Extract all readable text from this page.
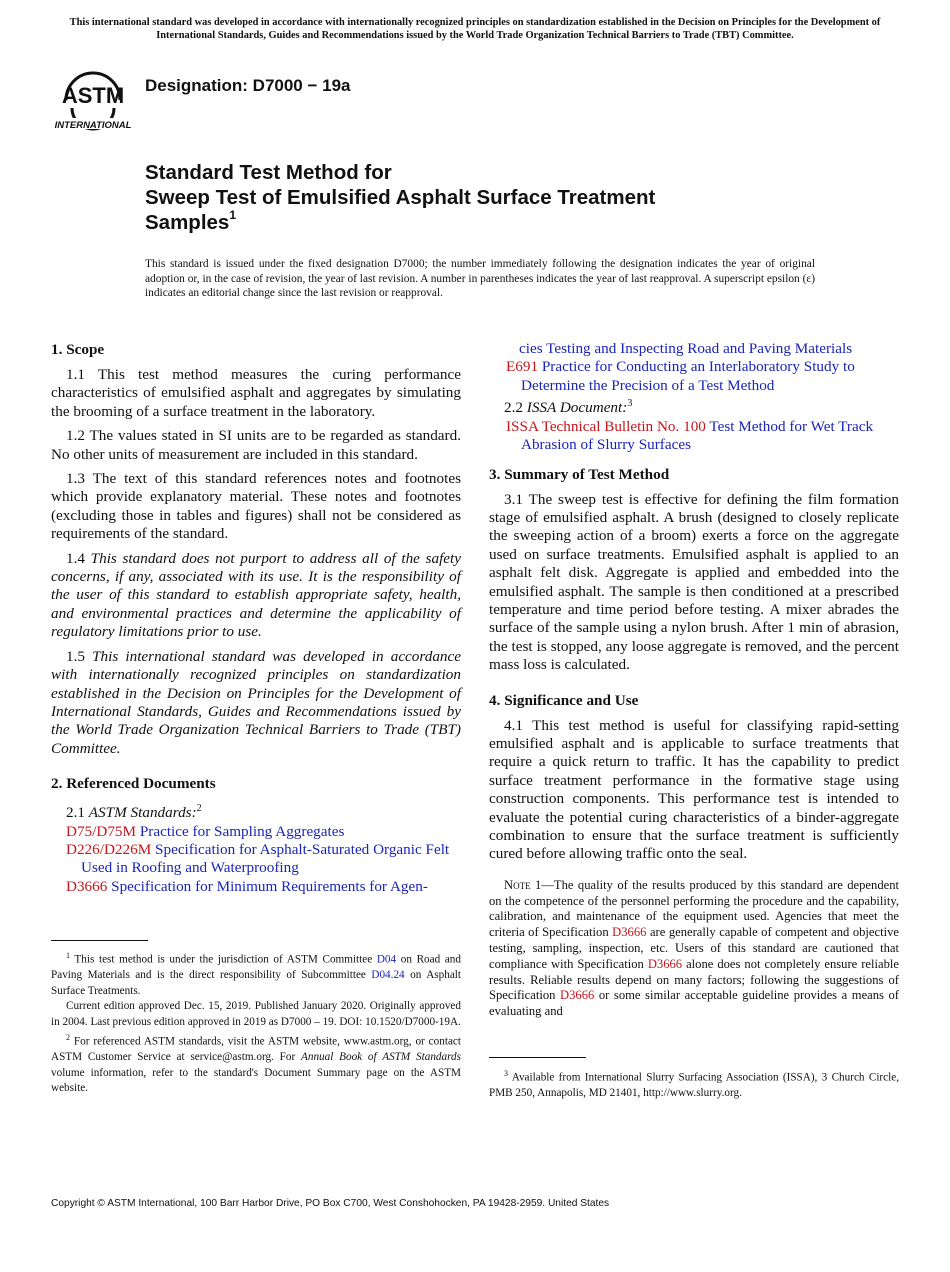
This international standard was developed in accordance with internationally recognized principles on standardization established in the Decision on Principles for the Development of International Standards, Guides and Recommendations issued by the World Trade Organization Technical Barriers to Trade (TBT) Committee.
ASTM
INTERNATIONAL
Designation: D7000 − 19a
Standard Test Method for
Sweep Test of Emulsified Asphalt Surface Treatment
Samples$^1$
This standard is issued under the fixed designation D7000; the number immediately following the designation indicates the year of original adoption or, in the case of revision, the year of last revision. A number in parentheses indicates the year of last reapproval. A superscript epsilon (ε) indicates an editorial change since the last revision or reapproval.
1. Scope

1.1 This test method measures the curing performance characteristics of emulsified asphalt and aggregates by simulating the brooming of a surface treatment in the laboratory.

1.2 The values stated in SI units are to be regarded as standard. No other units of measurement are included in this standard.

1.3 The text of this standard references notes and footnotes which provide explanatory material. These notes and footnotes (excluding those in tables and figures) shall not be considered as requirements of the standard.

1.4 This standard does not purport to address all of the safety concerns, if any, associated with its use. It is the responsibility of the user of this standard to establish appropriate safety, health, and environmental practices and determine the applicability of regulatory limitations prior to use.

1.5 This international standard was developed in accordance with internationally recognized principles on standardization established in the Decision on Principles for the Development of International Standards, Guides and Recommendations issued by the World Trade Organization Technical Barriers to Trade (TBT) Committee.

2. Referenced Documents

2.1 ASTM Standards:$^2$

D75/D75M Practice for Sampling Aggregates
D226/D226M Specification for Asphalt-Saturated Organic Felt Used in Roofing and Waterproofing
D3666 Specification for Minimum Requirements for Agen-

$^1$ This test method is under the jurisdiction of ASTM Committee D04 on Road and Paving Materials and is the direct responsibility of Subcommittee D04.24 on Asphalt Surface Treatments.

Current edition approved Dec. 15, 2019. Published January 2020. Originally approved in 2004. Last previous edition approved in 2019 as D7000 – 19. DOI: 10.1520/D7000-19A.

$^2$ For referenced ASTM standards, visit the ASTM website, www.astm.org, or contact ASTM Customer Service at service@astm.org. For Annual Book of ASTM Standards volume information, refer to the standard's Document Summary page on the ASTM website.

cies Testing and Inspecting Road and Paving Materials
E691 Practice for Conducting an Interlaboratory Study to Determine the Precision of a Test Method

2.2 ISSA Document:$^3$

ISSA Technical Bulletin No. 100 Test Method for Wet Track Abrasion of Slurry Surfaces
3. Summary of Test Method

3.1 The sweep test is effective for defining the film formation stage of emulsified asphalt. A brush (designed to closely replicate the sweeping action of a broom) exerts a force on the aggregate used on surface treatments. Emulsified asphalt is applied to an asphalt felt disk. Aggregate is applied and embedded into the emulsified asphalt. The sample is then conditioned at a prescribed temperature and time period before testing. A mixer abrades the surface of the sample using a nylon brush. After 1 min of abrasion, the test is stopped, any loose aggregate is removed, and the percent mass loss is calculated.

4. Significance and Use

4.1 This test method is useful for classifying rapid-setting emulsified asphalt and is applicable to surface treatments that require a quick return to traffic. It has the capability to predict surface treatment performance in the formative stage using construction components. This performance test is intended to evaluate the potential curing characteristics of a binder-aggregate combination to ensure that the surface treatment is sufficiently cured before allowing traffic onto the seal.

Note 1—The quality of the results produced by this standard are dependent on the competence of the personnel performing the procedure and the capability, calibration, and maintenance of the equipment used. Agencies that meet the criteria of Specification D3666 are generally capable of competent and objective testing, sampling, inspection, etc. Users of this standard are cautioned that compliance with Specification D3666 alone does not completely ensure reliable results. Reliable results depend on many factors; following the suggestions of Specification D3666 or some similar acceptable guideline provides a means of evaluating and

$^3$ Available from International Slurry Surfacing Association (ISSA), 3 Church Circle, PMB 250, Annapolis, MD 21401, http://www.slurry.org.

Copyright © ASTM International, 100 Barr Harbor Drive, PO Box C700, West Conshohocken, PA 19428-2959. United States
